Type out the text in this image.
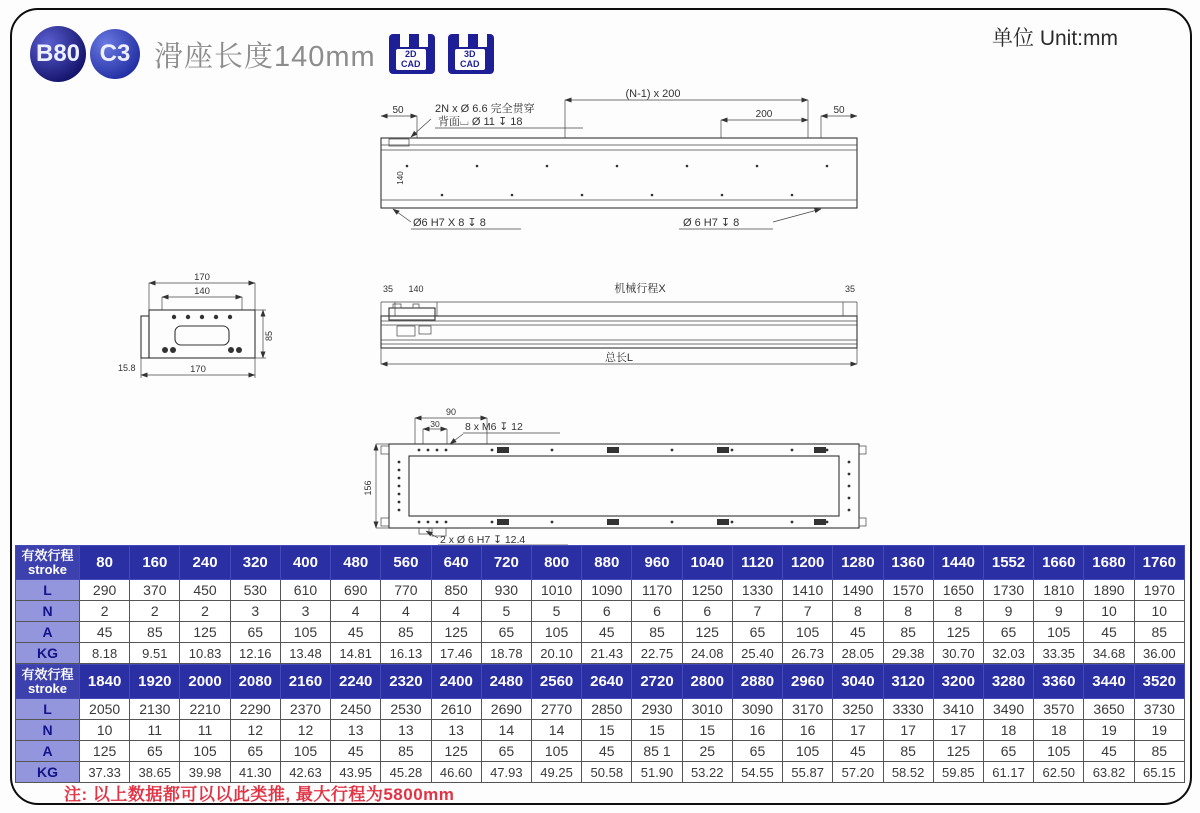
B80 C3 滑座长度140mm	2D
CAD
3D
CAD
单位 Unit:mm
(N-1) x 200
50	200	50
2N x Ø 6.6 完全贯穿
背面⌴ Ø 11 ↧ 18
140
Ø6 H7 X 8 ↧ 8	Ø 6 H7 ↧ 8
170
140
85
15.8	170
35 140	机械行程X	35
总长L
90
30 8 x M6 ↧ 12
156
2 x Ø 6 H7 ↧ 12.4
有效行程
stroke	80	160	240	320	400	480	560	640	720	800	880	960	1040	1120	1200	1280	1360	1440	1552	1660	1680	1760
L	290	370	450	530	610	690	770	850	930	1010	1090	1170	1250	1330	1410	1490	1570	1650	1730	1810	1890	1970
N	2	2	2	3	3	4	4	4	5	5	6	6	6	7	7	8	8	8	9	9	10	10
A	45	85	125	65	105	45	85	125	65	105	45	85	125	65	105	45	85	125	65	105	45	85
KG	8.18	9.51	10.83	12.16	13.48	14.81	16.13	17.46	18.78	20.10	21.43	22.75	24.08	25.40	26.73	28.05	29.38	30.70	32.03	33.35	34.68	36.00
有效行程
stroke	1840	1920	2000	2080	2160	2240	2320	2400	2480	2560	2640	2720	2800	2880	2960	3040	3120	3200	3280	3360	3440	3520
L	2050	2130	2210	2290	2370	2450	2530	2610	2690	2770	2850	2930	3010	3090	3170	3250	3330	3410	3490	3570	3650	3730
N	10	11	11	12	12	13	13	13	14	14	15	15	15	16	16	17	17	17	18	18	19	19
A	125	65	105	65	105	45	85	125	65	105	45	85 1	25	65	105	45	85	125	65	105	45	85
KG	37.33	38.65	39.98	41.30	42.63	43.95	45.28	46.60	47.93	49.25	50.58	51.90	53.22	54.55	55.87	57.20	58.52	59.85	61.17	62.50	63.82	65.15
注: 以上数据都可以以此类推, 最大行程为5800mm
